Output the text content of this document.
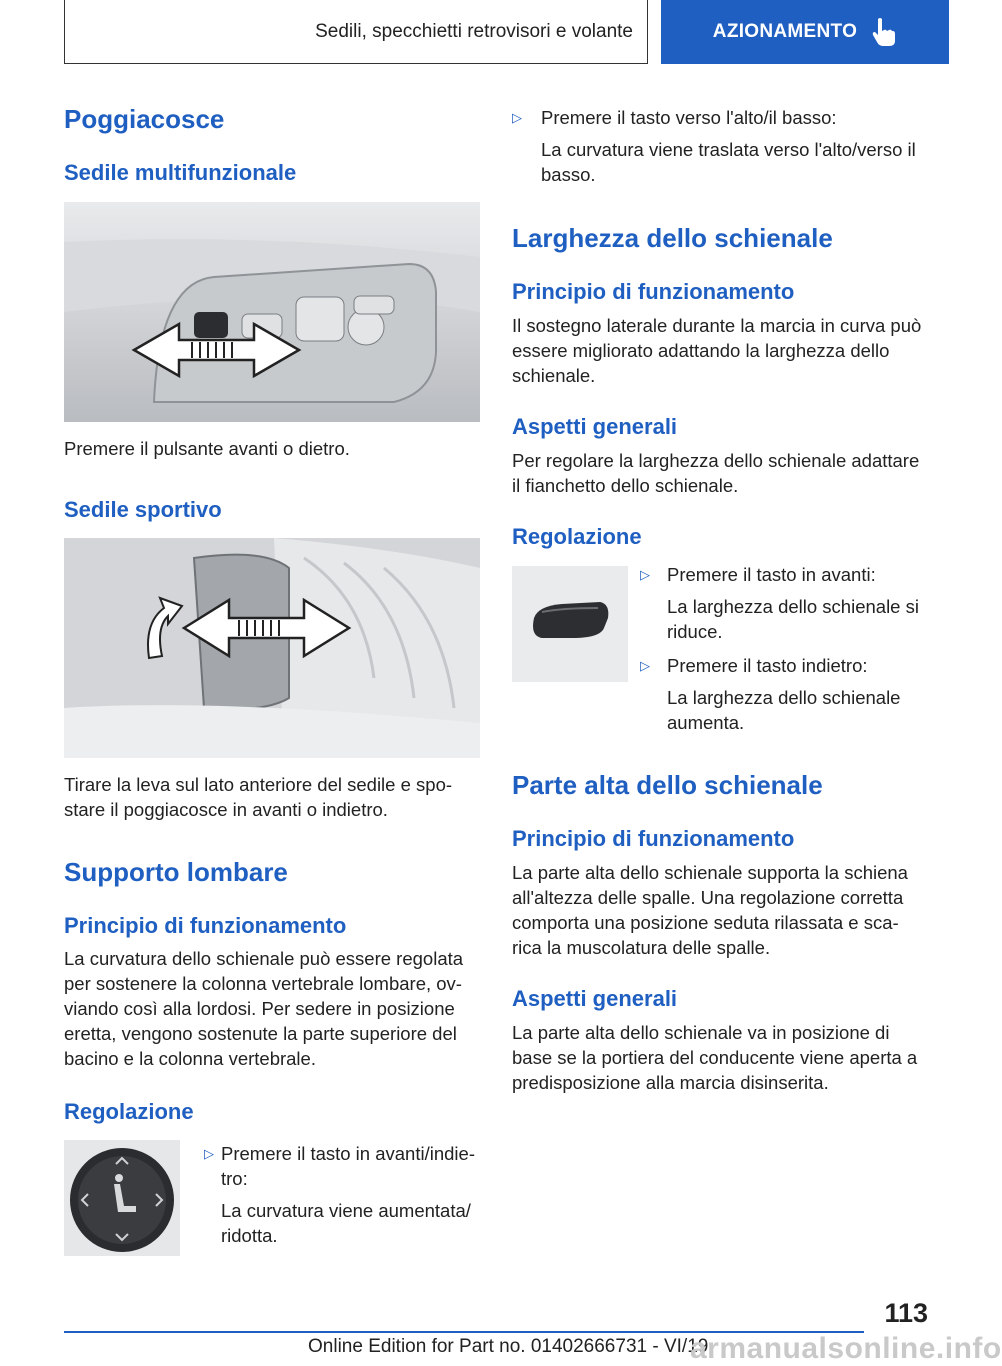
Sedili, specchietti retrovisori e volante	AZIONAMENTO
Poggiacosce
Sedile multifunzionale
Premere il pulsante avanti o dietro.
Sedile sportivo
Tirare la leva sul lato anteriore del sedile e spo-
stare il poggiacosce in avanti o indietro.
Supporto lombare
Principio di funzionamento
La curvatura dello schienale può essere regolata
per sostenere la colonna vertebrale lombare, ov-
viando così alla lordosi. Per sedere in posizione
eretta, vengono sostenute la parte superiore del
bacino e la colonna vertebrale.
Regolazione
▷ Premere il tasto in avanti/indie-
tro:
La curvatura viene aumentata/
ridotta.
▷ Premere il tasto verso l'alto/il basso:
La curvatura viene traslata verso l'alto/verso il
basso.
Larghezza dello schienale
Principio di funzionamento
Il sostegno laterale durante la marcia in curva può
essere migliorato adattando la larghezza dello
schienale.
Aspetti generali
Per regolare la larghezza dello schienale adattare
il fianchetto dello schienale.
Regolazione
▷ Premere il tasto in avanti:
La larghezza dello schienale si
riduce.
▷ Premere il tasto indietro:
La larghezza dello schienale
aumenta.
Parte alta dello schienale
Principio di funzionamento
La parte alta dello schienale supporta la schiena
all'altezza delle spalle. Una regolazione corretta
comporta una posizione seduta rilassata e sca-
rica la muscolatura delle spalle.
Aspetti generali
La parte alta dello schienale va in posizione di
base se la portiera del conducente viene aperta a
predisposizione alla marcia disinserita.
113
Online Edition for Part no. 01402666731 - VI/19
armanualsonline.info
